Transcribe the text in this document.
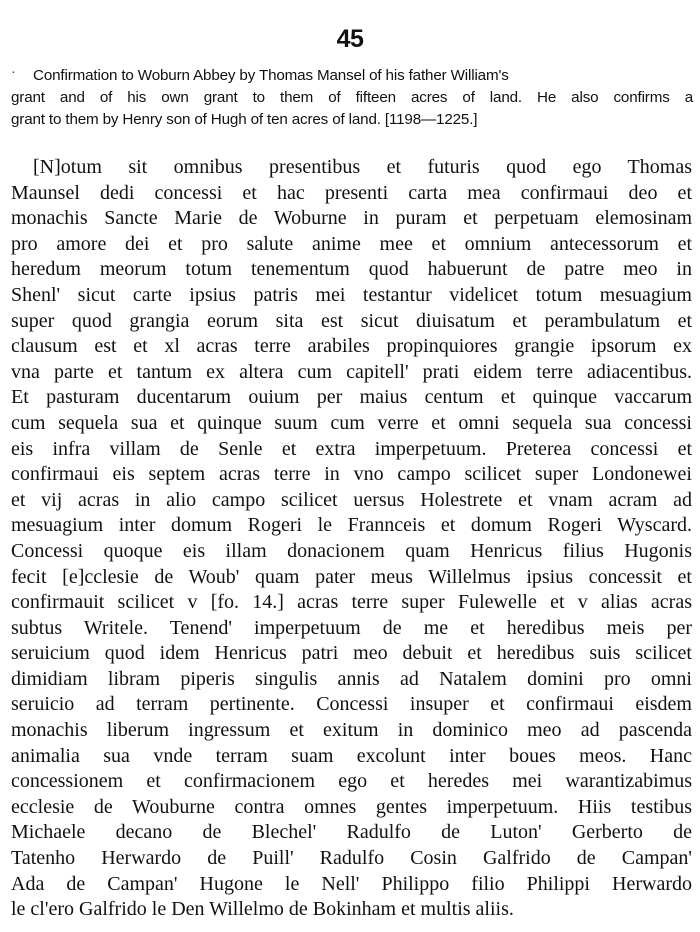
45
·	Confirmation to Woburn Abbey by Thomas Mansel of his father William's
grant and of his own grant to them of fifteen acres of land. He also confirms a
grant to them by Henry son of Hugh of ten acres of land. [1198—1225.]
[N]otum sit omnibus presentibus et futuris quod ego Thomas
Maunsel dedi concessi et hac presenti carta mea confirmaui deo et
monachis Sancte Marie de Woburne in puram et perpetuam elemosinam
pro amore dei et pro salute anime mee et omnium antecessorum et
heredum meorum totum tenementum quod habuerunt de patre meo in
Shenl' sicut carte ipsius patris mei testantur videlicet totum mesuagium
super quod grangia eorum sita est sicut diuisatum et perambulatum et
clausum est et xl acras terre arabiles propinquiores grangie ipsorum ex
vna parte et tantum ex altera cum capitell' prati eidem terre adiacentibus.
Et pasturam ducentarum ouium per maius centum et quinque vaccarum
cum sequela sua et quinque suum cum verre et omni sequela sua concessi
eis infra villam de Senle et extra imperpetuum. Preterea concessi et
confirmaui eis septem acras terre in vno campo scilicet super Londonewei
et vij acras in alio campo scilicet uersus Holestrete et vnam acram ad
mesuagium inter domum Rogeri le Frannceis et domum Rogeri Wyscard.
Concessi quoque eis illam donacionem quam Henricus filius Hugonis
fecit [e]cclesie de Woub' quam pater meus Willelmus ipsius concessit et
confirmauit scilicet v [fo. 14.] acras terre super Fulewelle et v alias acras
subtus Writele. Tenend' imperpetuum de me et heredibus meis per
seruicium quod idem Henricus patri meo debuit et heredibus suis scilicet
dimidiam libram piperis singulis annis ad Natalem domini pro omni
seruicio ad terram pertinente. Concessi insuper et confirmaui eisdem
monachis liberum ingressum et exitum in dominico meo ad pascenda
animalia sua vnde terram suam excolunt inter boues meos. Hanc
concessionem et confirmacionem ego et heredes mei warantizabimus
ecclesie de Wouburne contra omnes gentes imperpetuum. Hiis testibus
Michaele decano de Blechel' Radulfo de Luton' Gerberto de
Tatenho Herwardo de Puill' Radulfo Cosin Galfrido de Campan'
Ada de Campan' Hugone le Nell' Philippo filio Philippi Herwardo
le cl'ero Galfrido le Den Willelmo de Bokinham et multis aliis.
